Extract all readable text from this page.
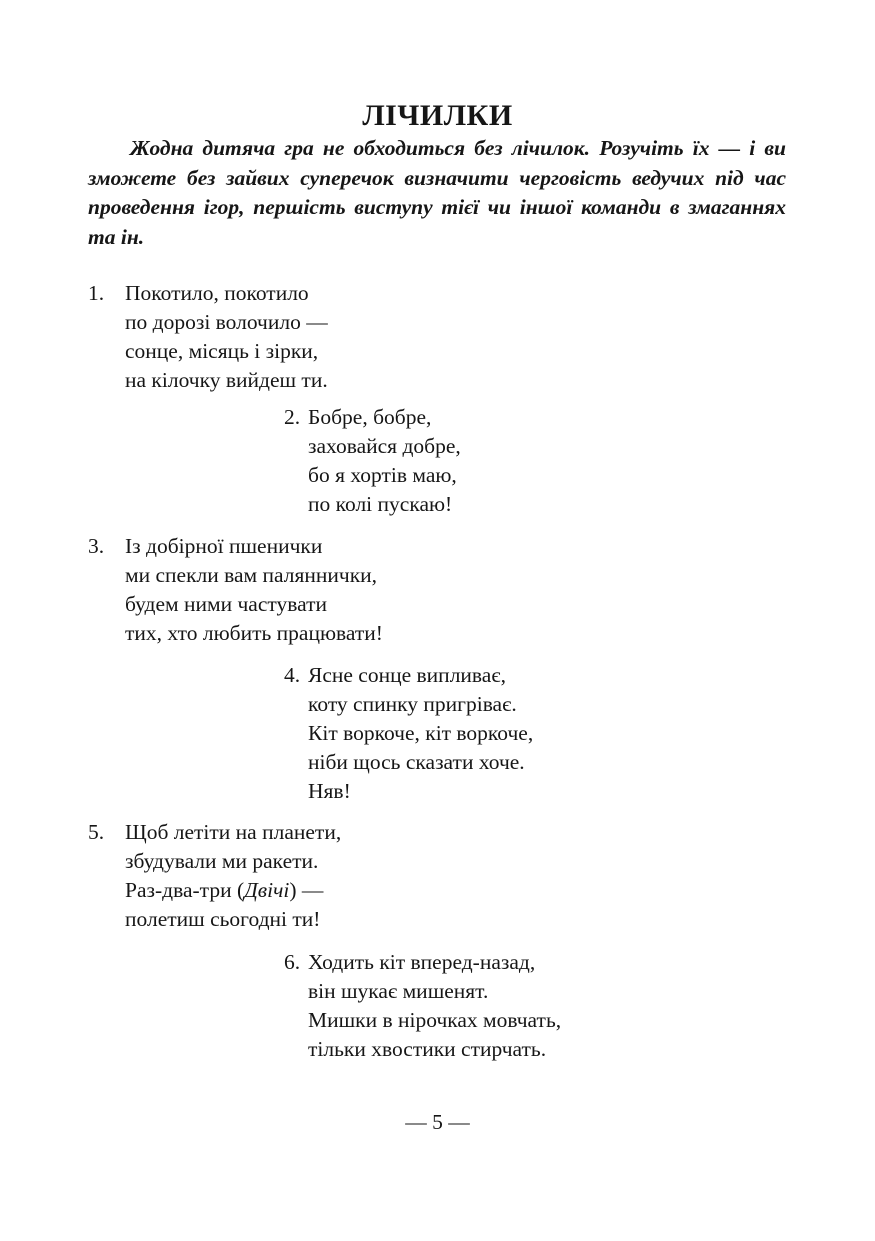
ЛІЧИЛКИ

Жодна дитяча гра не обходиться без лічилок. Розучіть їх — і ви зможете без зайвих суперечок визначити черговість ведучих під час проведення ігор, першість виступу тієї чи іншої команди в змаганнях та ін.

1. Покотило, покотило
по дорозі волочило —
сонце, місяць і зірки,
на кілочку вийдеш ти.
2. Бобре, бобре,
заховайся добре,
бо я хортів маю,
по колі пускаю!
3. Із добірної пшенички
ми спекли вам паляннички,
будем ними частувати
тих, хто любить працювати!
4. Ясне сонце випливає,
коту спинку пригріває.
Кіт воркоче, кіт воркоче,
ніби щось сказати хоче.
Няв!
5. Щоб летіти на планети,
збудували ми ракети.
Раз-два-три (Двічі) —
полетиш сьогодні ти!
6. Ходить кіт вперед-назад,
він шукає мишенят.
Мишки в нірочках мовчать,
тільки хвостики стирчать.
— 5 —
